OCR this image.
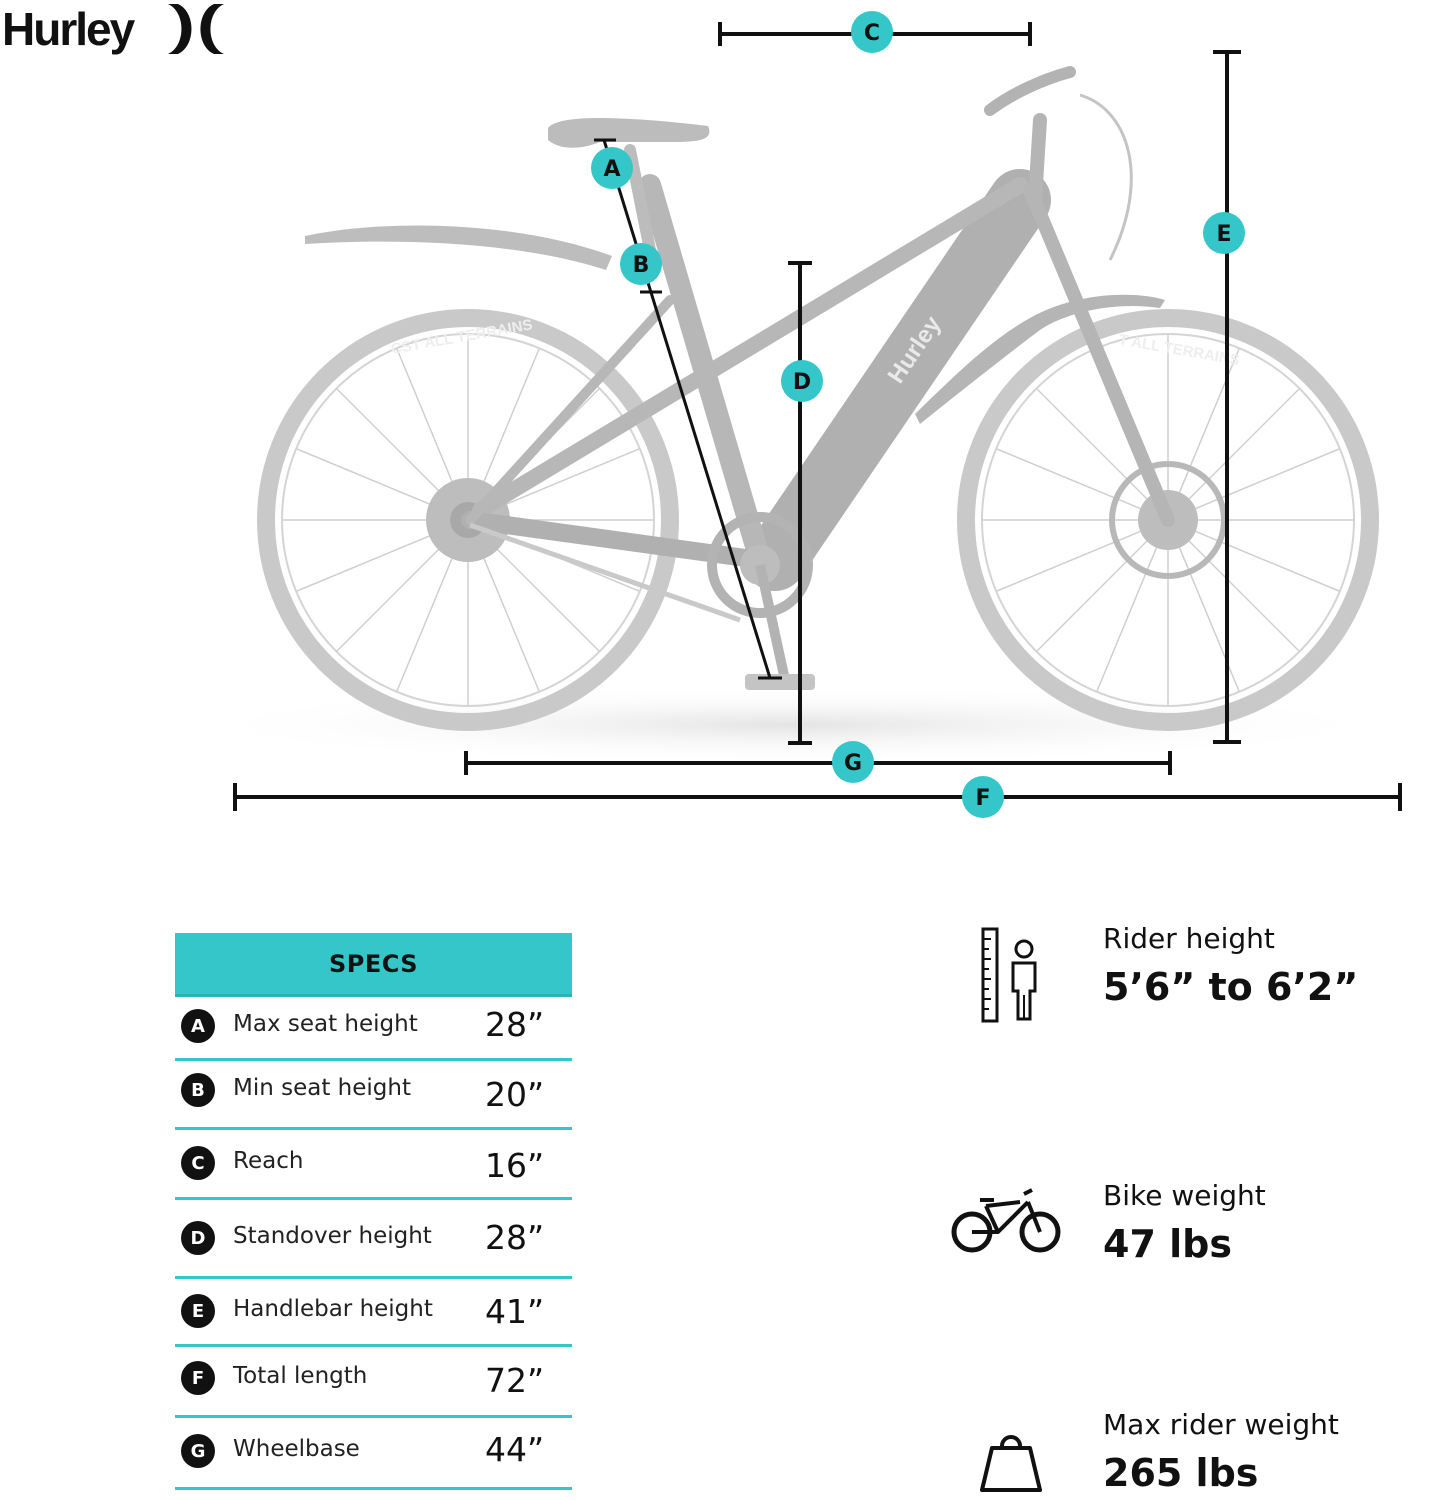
Hurley
CST ALL TERRAINS	T ALL TERRAINS
Hurley
A
B
C
D
E
F
G
SPECS
A	Max seat height 28”
B	Min seat height 20”
C	Reach	16”
D	Standover height 28”
E	Handlebar height 41”
F	Total length	72”
G	Wheelbase	44”
Rider height
5’6” to 6’2”
Bike weight
47 lbs
Max rider weight
265 lbs
